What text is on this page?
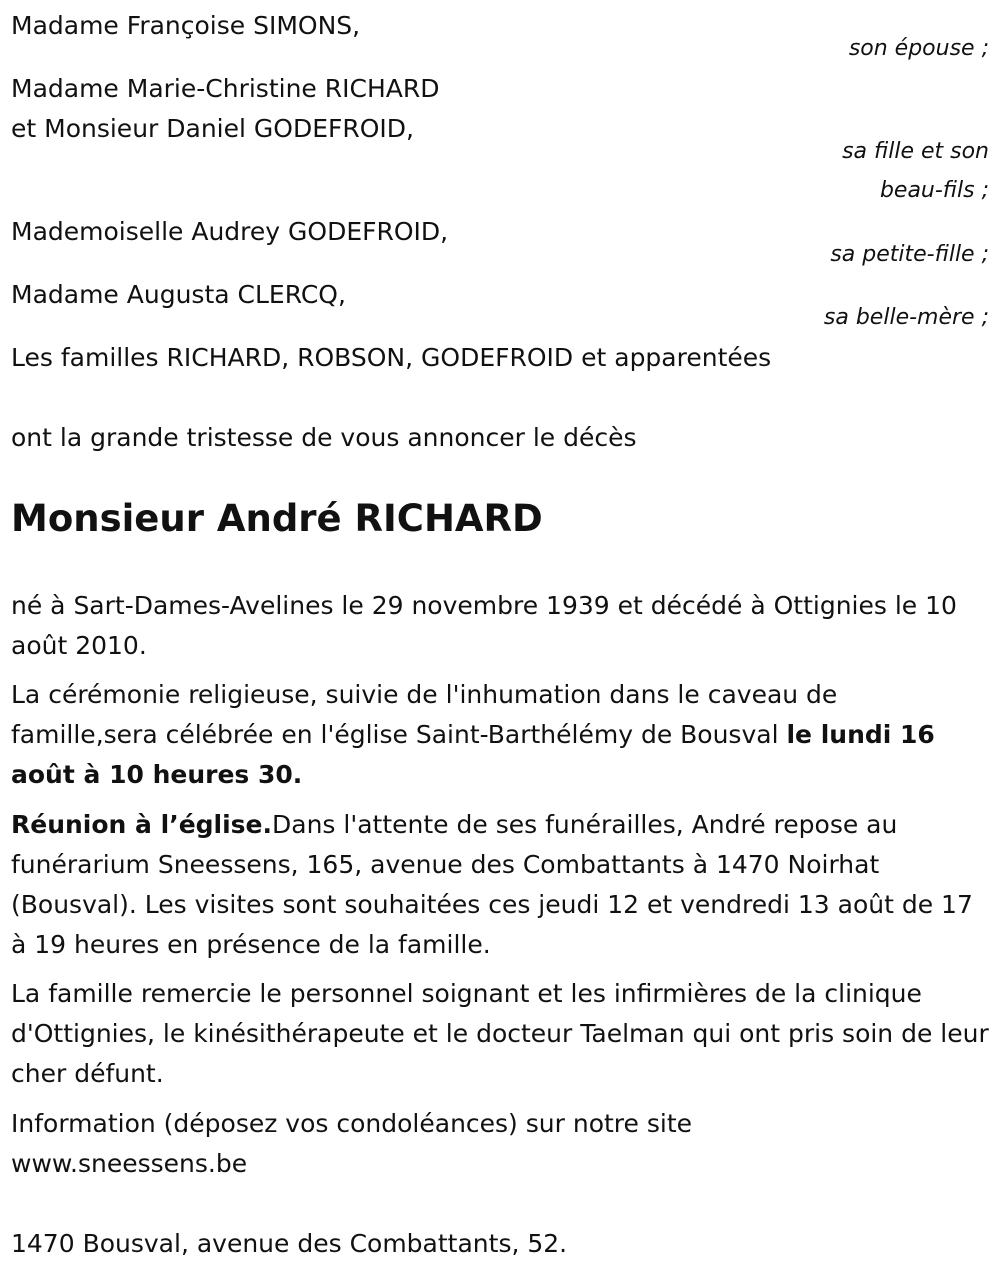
Madame Françoise SIMONS,
son épouse ;
Madame Marie-Christine RICHARD
et Monsieur Daniel GODEFROID,
sa fille et son
beau-fils ;
Mademoiselle Audrey GODEFROID,
sa petite-fille ;
Madame Augusta CLERCQ,
sa belle-mère ;
Les familles RICHARD, ROBSON, GODEFROID et apparentées
ont la grande tristesse de vous annoncer le décès
Monsieur André RICHARD
né à Sart-Dames-Avelines le 29 novembre 1939 et décédé à Ottignies le 10 août 2010.
La cérémonie religieuse, suivie de l'inhumation dans le caveau de famille,sera célébrée en l'église Saint-Barthélémy de Bousval le lundi 16 août à 10 heures 30.
Réunion à l’église.Dans l'attente de ses funérailles, André repose au funérarium Sneessens, 165, avenue des Combattants à 1470 Noirhat (Bousval). Les visites sont souhaitées ces jeudi 12 et vendredi 13 août de 17 à 19 heures en présence de la famille.
La famille remercie le personnel soignant et les infirmières de la clinique d'Ottignies, le kinésithérapeute et le docteur Taelman qui ont pris soin de leur cher défunt.
Information (déposez vos condoléances) sur notre site www.sneessens.be
1470 Bousval, avenue des Combattants, 52.
